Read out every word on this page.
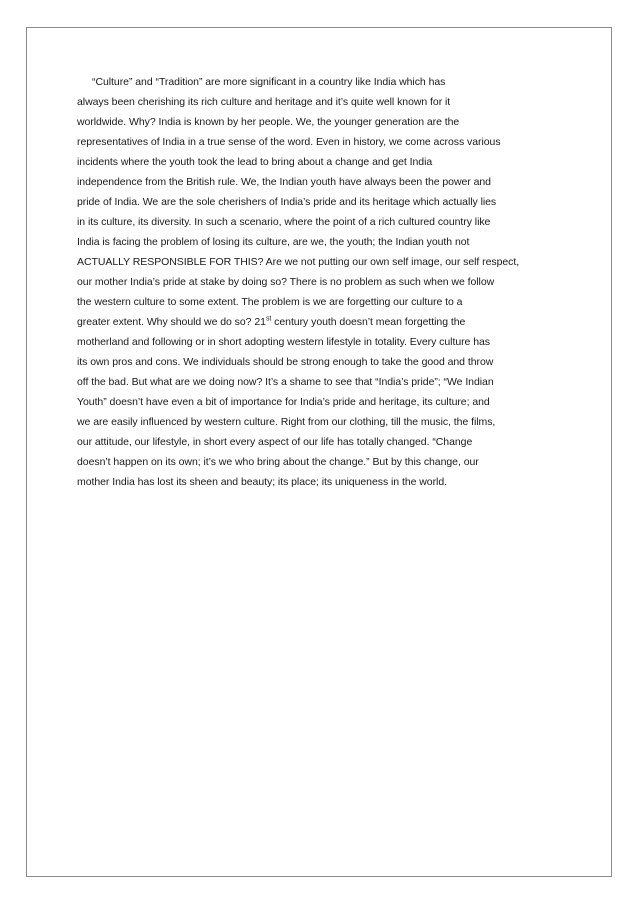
“Culture” and “Tradition” are more significant in a country like India which has
always been cherishing its rich culture and heritage and it’s quite well known for it
worldwide. Why? India is known by her people. We, the younger generation are the
representatives of India in a true sense of the word. Even in history, we come across various
incidents where the youth took the lead to bring about a change and get India
independence from the British rule. We, the Indian youth have always been the power and
pride of India. We are the sole cherishers of India’s pride and its heritage which actually lies
in its culture, its diversity. In such a scenario, where the point of a rich cultured country like
India is facing the problem of losing its culture, are we, the youth; the Indian youth not
ACTUALLY RESPONSIBLE FOR THIS? Are we not putting our own self image, our self respect,
our mother India’s pride at stake by doing so? There is no problem as such when we follow
the western culture to some extent. The problem is we are forgetting our culture to a
greater extent. Why should we do so? 21st century youth doesn’t mean forgetting the
motherland and following or in short adopting western lifestyle in totality. Every culture has
its own pros and cons. We individuals should be strong enough to take the good and throw
off the bad. But what are we doing now? It’s a shame to see that “India’s pride”; “We Indian
Youth” doesn’t have even a bit of importance for India’s pride and heritage, its culture; and
we are easily influenced by western culture. Right from our clothing, till the music, the films,
our attitude, our lifestyle, in short every aspect of our life has totally changed. “Change
doesn’t happen on its own; it’s we who bring about the change.” But by this change, our
mother India has lost its sheen and beauty; its place; its uniqueness in the world.
